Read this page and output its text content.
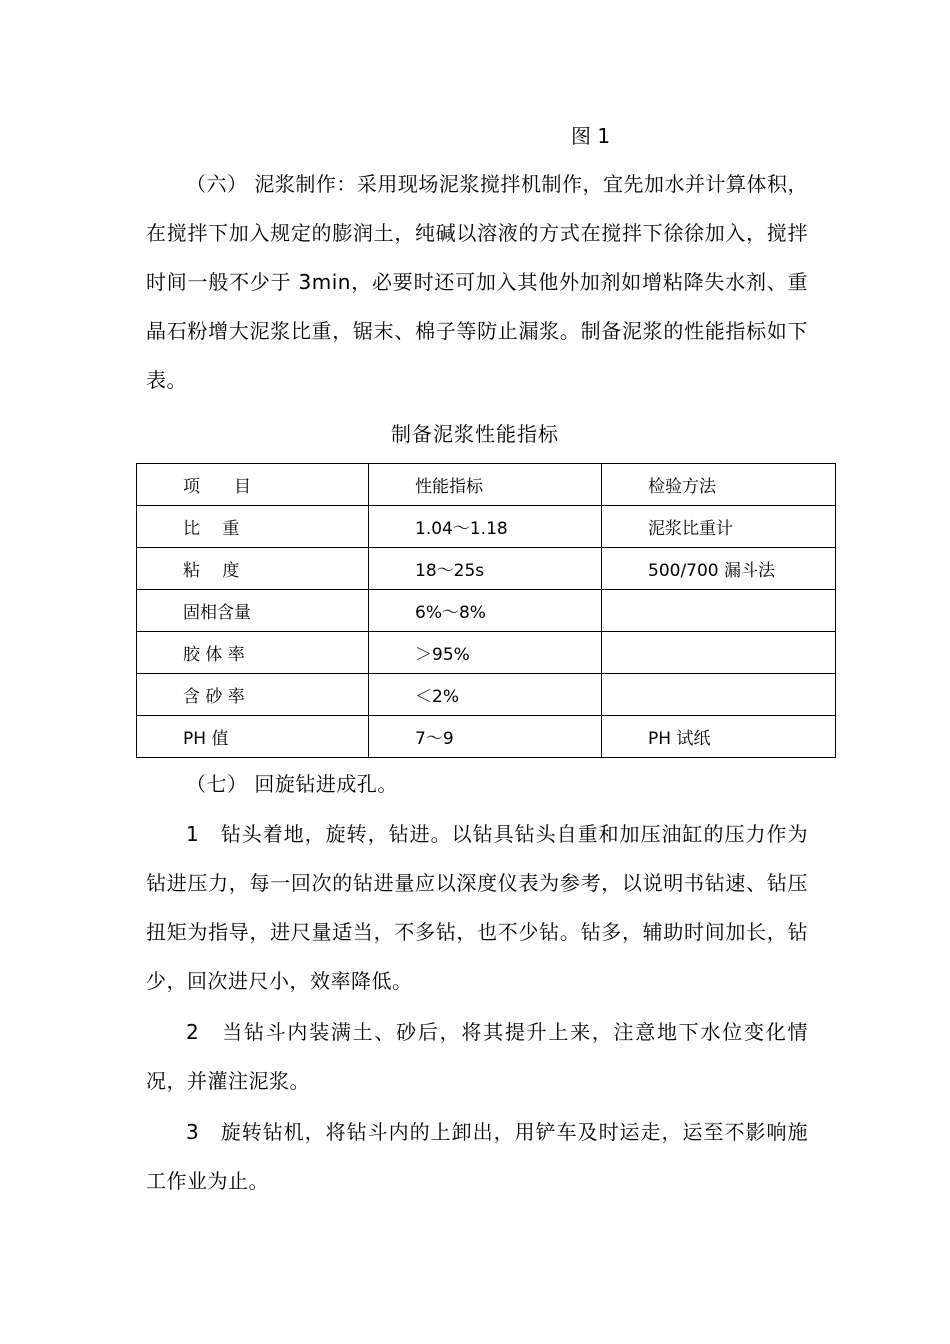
图 1

（六） 泥浆制作：采用现场泥浆搅拌机制作，宜先加水并计算体积，在搅拌下加入规定的膨润土，纯碱以溶液的方式在搅拌下徐徐加入，搅拌时间一般不少于 3min，必要时还可加入其他外加剂如增粘降失水剂、重晶石粉增大泥浆比重，锯末、棉子等防止漏浆。制备泥浆的性能指标如下表。

制备泥浆性能指标
项　　目	性能指标	检验方法
比　 重	1.04～1.18	泥浆比重计
粘　 度	18～25s	500/700 漏斗法
固相含量	6%～8%	
胶 体 率	＞95%	
含 砂 率	＜2%	
PH 值	7～9	PH 试纸

（七） 回旋钻进成孔。

1　钻头着地，旋转，钻进。以钻具钻头自重和加压油缸的压力作为钻进压力，每一回次的钻进量应以深度仪表为参考，以说明书钻速、钻压扭矩为指导，进尺量适当，不多钻，也不少钻。钻多，辅助时间加长，钻少，回次进尺小，效率降低。

2　当钻斗内装满土、砂后，将其提升上来，注意地下水位变化情况，并灌注泥浆。

3　旋转钻机，将钻斗内的上卸出，用铲车及时运走，运至不影响施工作业为止。
